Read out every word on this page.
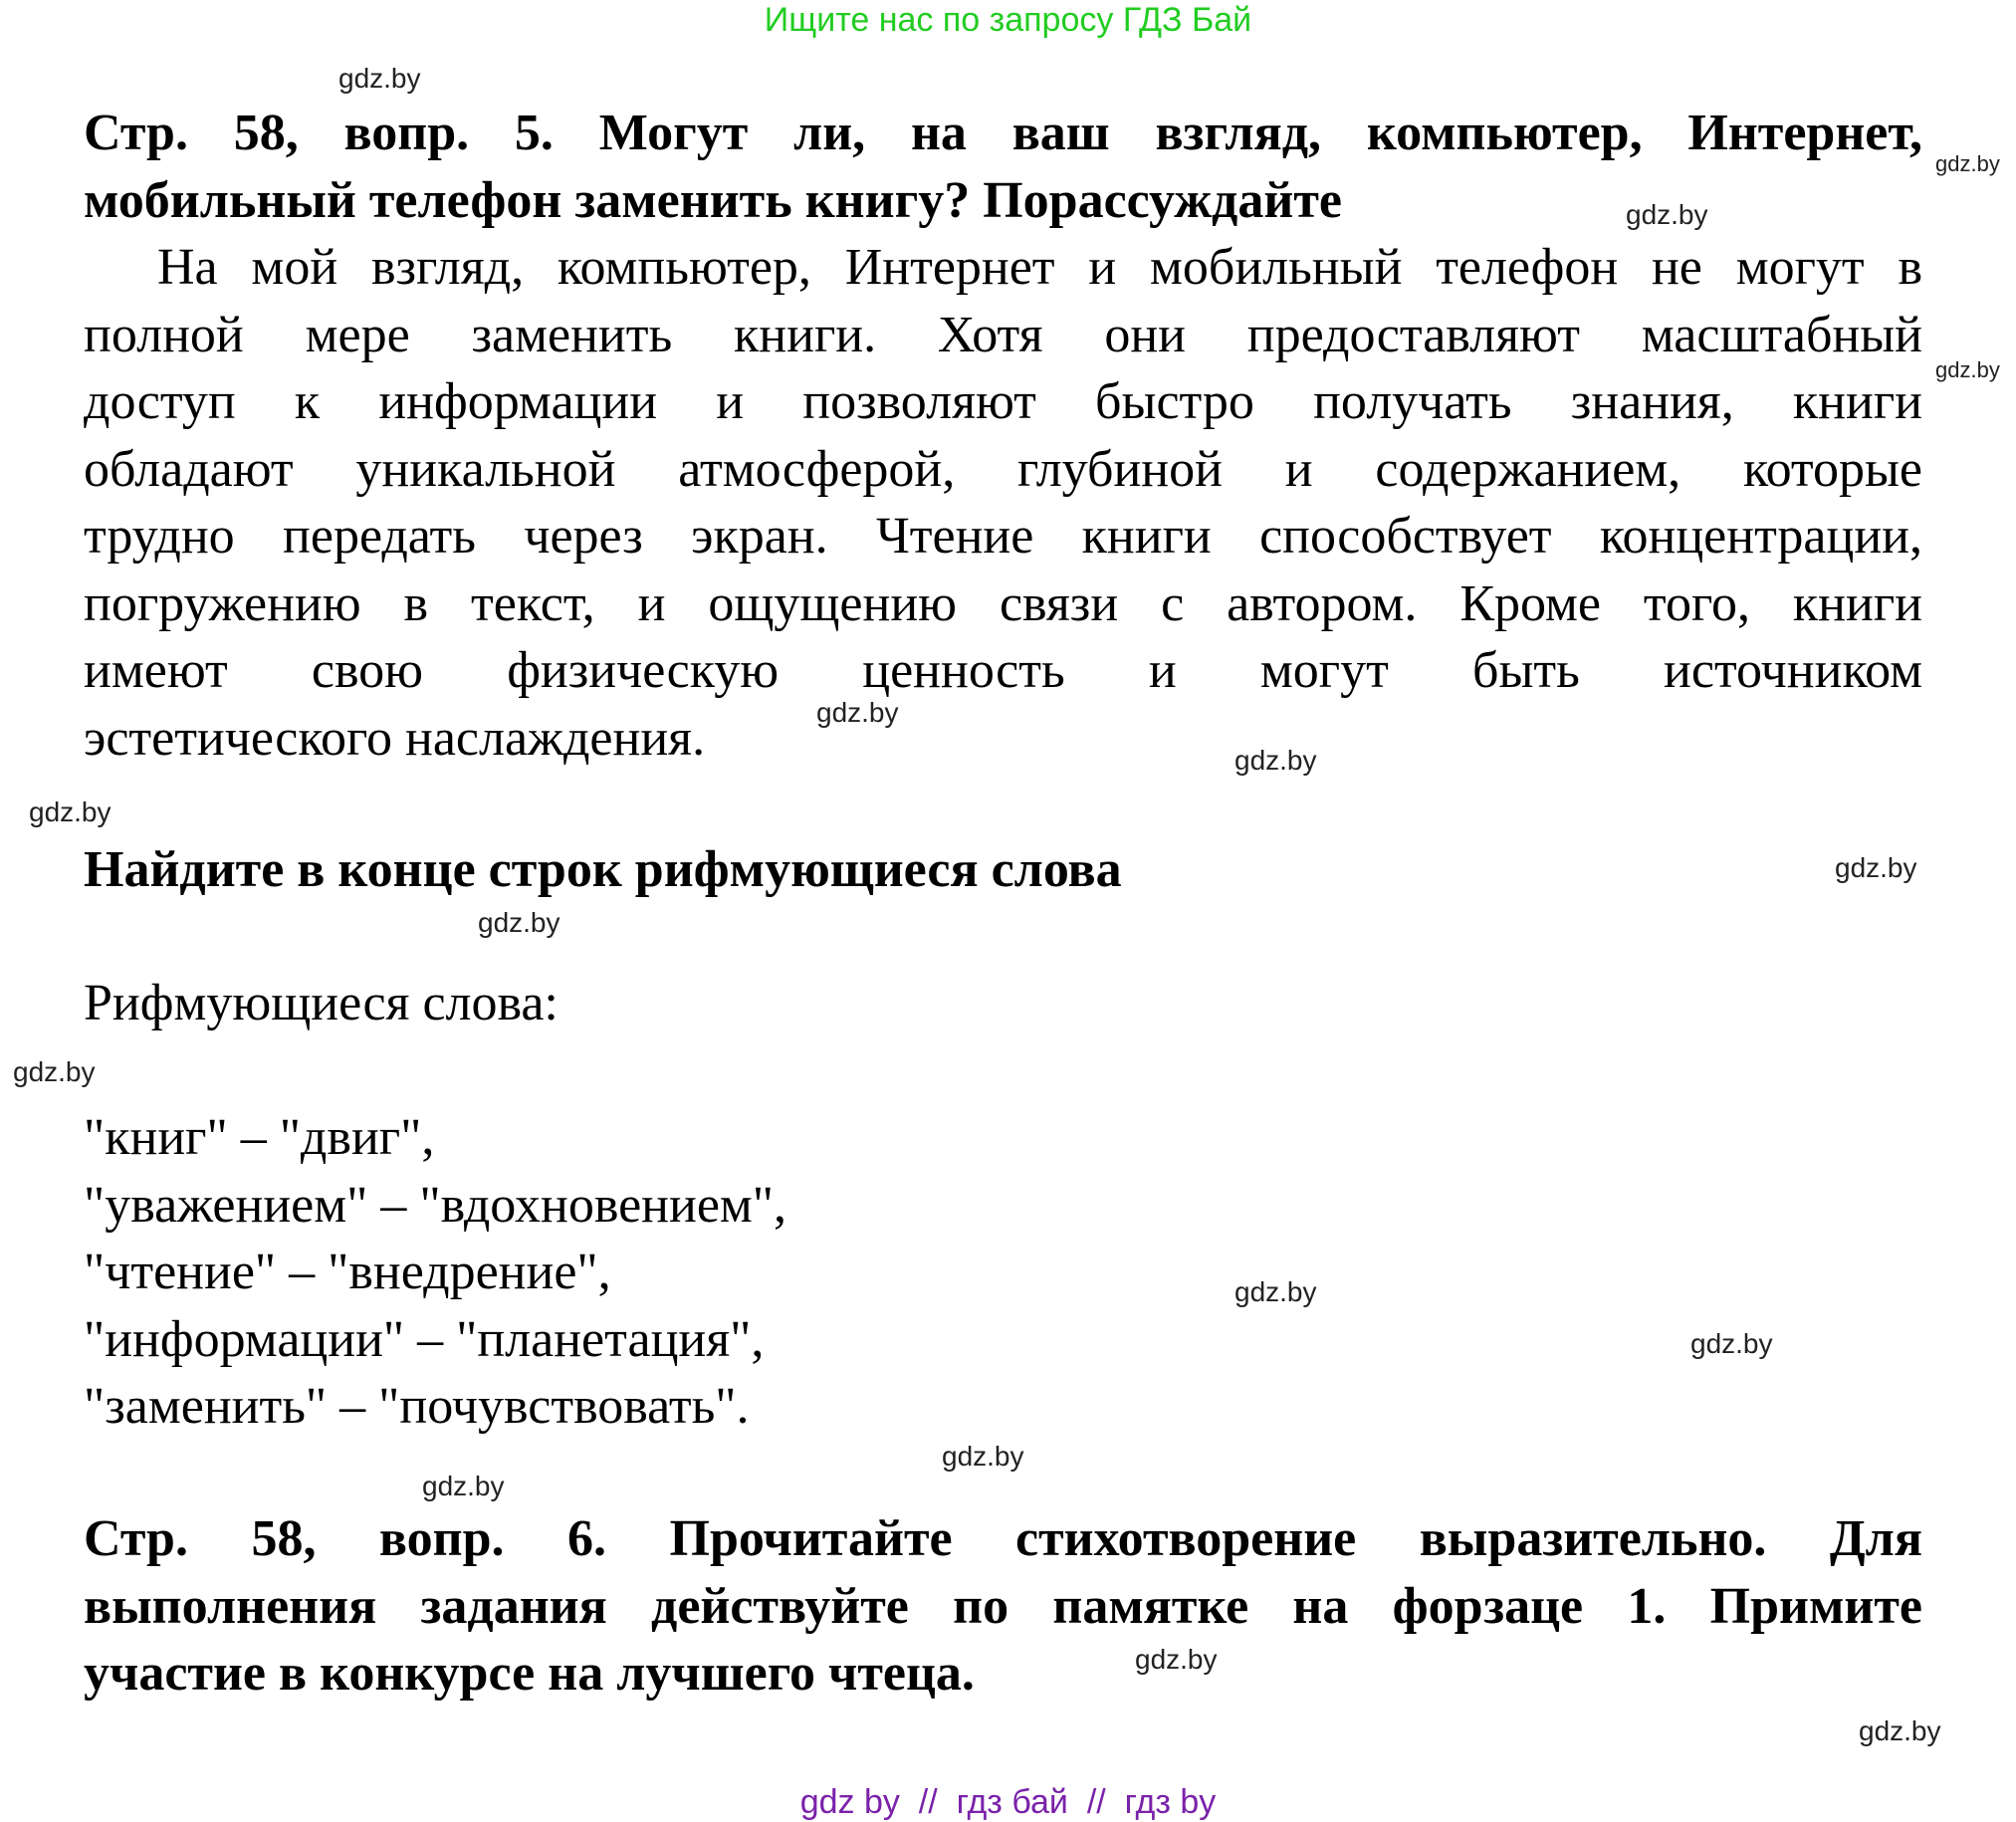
Ищите нас по запросу ГДЗ Бай
Стр. 58, вопр. 5. Могут ли, на ваш взгляд, компьютер, Интернет,
мобильный телефон заменить книгу? Порассуждайте
На мой взгляд, компьютер, Интернет и мобильный телефон не могут в
полной мере заменить книги. Хотя они предоставляют масштабный
доступ к информации и позволяют быстро получать знания, книги
обладают уникальной атмосферой, глубиной и содержанием, которые
трудно передать через экран. Чтение книги способствует концентрации,
погружению в текст, и ощущению связи с автором. Кроме того, книги
имеют свою физическую ценность и могут быть источником
эстетического наслаждения.
Найдите в конце строк рифмующиеся слова
Рифмующиеся слова:
"книг" – "двиг",
"уважением" – "вдохновением",
"чтение" – "внедрение",
"информации" – "планетация",
"заменить" – "почувствовать".
Стр. 58, вопр. 6. Прочитайте стихотворение выразительно. Для
выполнения задания действуйте по памятке на форзаце 1. Примите
участие в конкурсе на лучшего чтеца.
gdz.by
gdz.by
gdz.by
gdz.by
gdz.by
gdz.by
gdz.by
gdz.by
gdz.by
gdz.by
gdz.by
gdz.by
gdz.by
gdz.by
gdz.by
gdz.by
gdz by  //  гдз бай  //  гдз by
